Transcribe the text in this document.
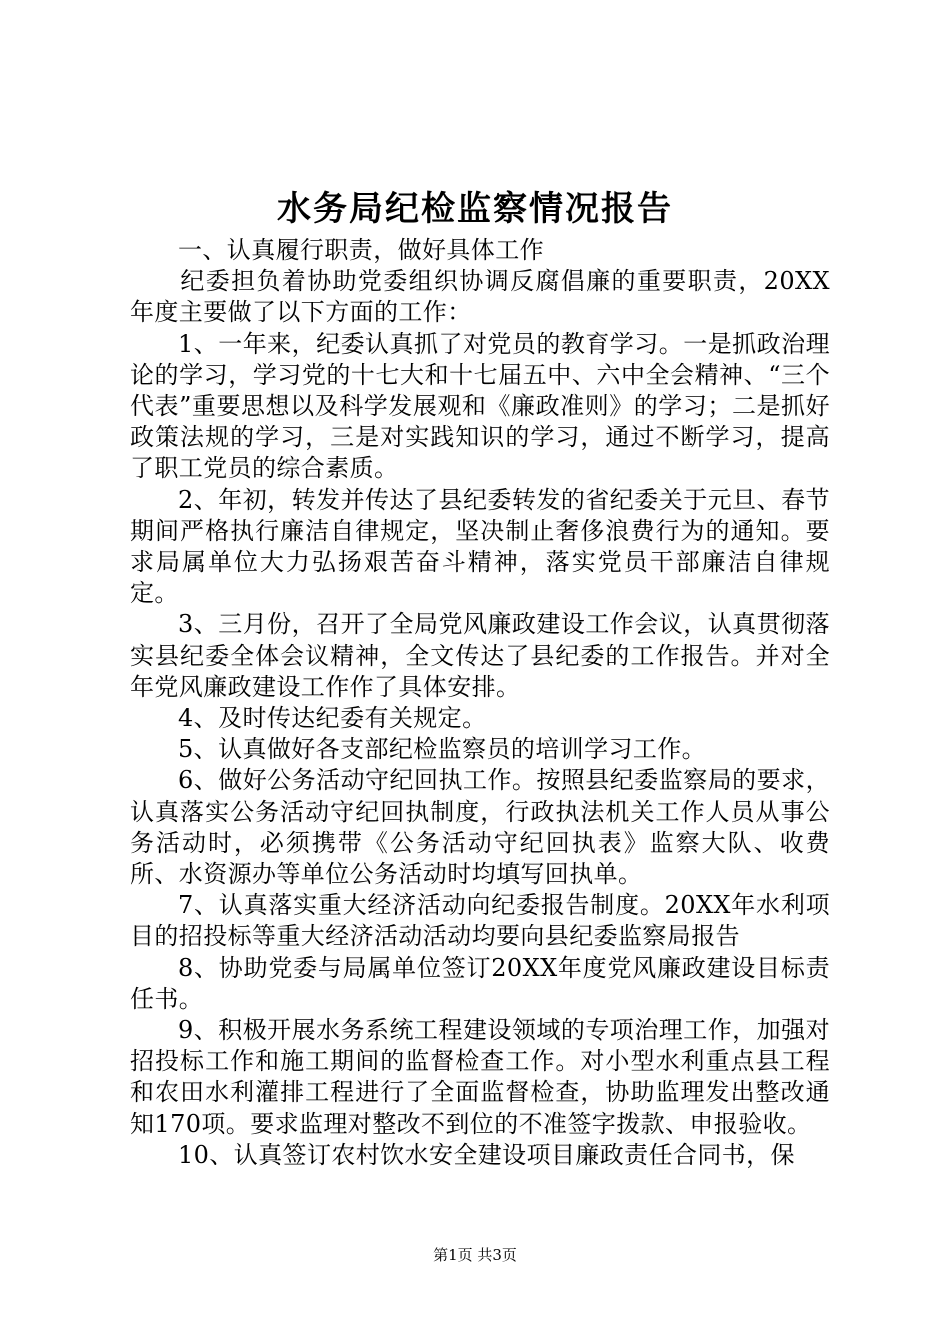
水务局纪检监察情况报告

一、认真履行职责，做好具体工作

纪委担负着协助党委组织协调反腐倡廉的重要职责，20XX年度主要做了以下方面的工作：

1、一年来，纪委认真抓了对党员的教育学习。一是抓政治理论的学习，学习党的十七大和十七届五中、六中全会精神、“三个代表”重要思想以及科学发展观和《廉政准则》的学习；二是抓好政策法规的学习，三是对实践知识的学习，通过不断学习，提高了职工党员的综合素质。

2、年初，转发并传达了县纪委转发的省纪委关于元旦、春节期间严格执行廉洁自律规定，坚决制止奢侈浪费行为的通知。要求局属单位大力弘扬艰苦奋斗精神，落实党员干部廉洁自律规定。

3、三月份，召开了全局党风廉政建设工作会议，认真贯彻落实县纪委全体会议精神，全文传达了县纪委的工作报告。并对全年党风廉政建设工作作了具体安排。

4、及时传达纪委有关规定。

5、认真做好各支部纪检监察员的培训学习工作。

6、做好公务活动守纪回执工作。按照县纪委监察局的要求，认真落实公务活动守纪回执制度，行政执法机关工作人员从事公务活动时，必须携带《公务活动守纪回执表》监察大队、收费所、水资源办等单位公务活动时均填写回执单。

7、认真落实重大经济活动向纪委报告制度。20XX年水利项目的招投标等重大经济活动活动均要向县纪委监察局报告

8、协助党委与局属单位签订20XX年度党风廉政建设目标责任书。

9、积极开展水务系统工程建设领域的专项治理工作，加强对招投标工作和施工期间的监督检查工作。对小型水利重点县工程和农田水利灌排工程进行了全面监督检查，协助监理发出整改通知170项。要求监理对整改不到位的不准签字拨款、申报验收。

10、认真签订农村饮水安全建设项目廉政责任合同书，保

第1页 共3页
